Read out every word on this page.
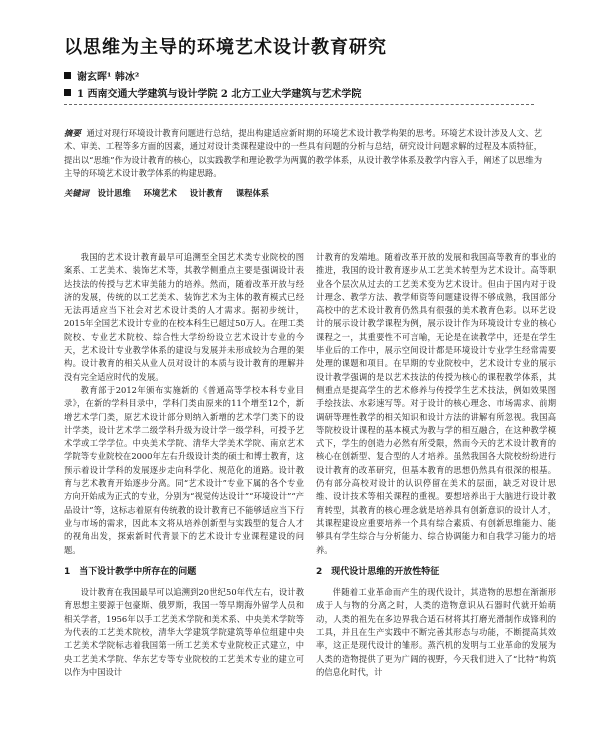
以思维为主导的环境艺术设计教育研究
谢玄晖¹ 韩冰²
1 西南交通大学建筑与设计学院 2 北方工业大学建筑与艺术学院
摘要 通过对现行环境设计教育问题进行总结，提出构建适应新时期的环境艺术设计教学构架的思考。环境艺术设计涉及人文、艺术、审美、工程等多方面的因素，通过对设计类课程建设中的一些具有问题的分析与总结，研究设计问题求解的过程及本质特征，提出以“思维”作为设计教育的核心，以实践教学和理论教学为两翼的教学体系，从设计教学体系及教学内容入手，阐述了以思维为主导的环境艺术设计教学体系的构建思路。
关键词 设计思维 环境艺术 设计教育 课程体系

我国的艺术设计教育最早可追溯至全国艺术类专业院校的图案系、工艺美术、装饰艺术等，其教学侧重点主要是强调设计表达技法的传授与艺术审美能力的培养。然而，随着改革开放与经济的发展，传统的以工艺美术、装饰艺术为主体的教育模式已经无法再适应当下社会对艺术设计类的人才需求。据初步统计，2015年全国艺术设计专业的在校本科生已超过50万人。在理工类院校、专业艺术院校、综合性大学纷纷设立艺术设计专业的今天，艺术设计专业教学体系的建设与发展并未形成较为合理的架构。设计教育的相关从业人员对设计的本质与设计教育的理解并没有完全适应时代的发展。

教育部于2012年颁布实施新的《普通高等学校本科专业目录》，在新的学科目录中，学科门类由原来的11个增至12个，新增艺术学门类，原艺术设计部分则纳入新增的艺术学门类下的设计学类，设计艺术学二级学科升级为设计学一级学科，可授予艺术学或工学学位。中央美术学院、清华大学美术学院、南京艺术学院等专业院校在2000年左右升级设计类的硕士和博士教育，这预示着设计学科的发展逐步走向科学化、规范化的道路。设计教育与艺术教育开始逐步分离。同“艺术设计”专业下属的各个专业方向开始成为正式的专业，分别为“视觉传达设计”“环境设计”“产品设计”等，这标志着原有传统教的设计教育已不能够适应当下行业与市场的需求，因此本文将从培养创新型与实践型的复合人才的视角出发，探索新时代背景下的艺术设计专业课程建设的问题。

1　当下设计教学中所存在的问题

设计教育在我国最早可以追溯到20世纪50年代左右，设计教育思想主要源于包豪斯、俄罗斯，我国一等早期海外留学人员和相关学者，1956年以手工艺美术学院和美术系、中央美术学院等为代表的工艺美术院校，清华大学建筑学院建筑等单位组建中央工艺美术学院标志着我国第一所工艺美术专业院校正式建立，中央工艺美术学院、华东艺专等专业院校的工艺美术专业的建立可以作为中国设计

计教育的发端地。随着改革开放的发展和我国高等教育的事业的推进，我国的设计教育逐步从工艺美术转型为艺术设计。高等职业各个层次从过去的工艺美术变为艺术设计。但由于国内对于设计理念、教学方法、教学师资等问题建设得不够成熟，我国部分高校中的艺术设计教育仍然具有很强的美术教育色彩。以环艺设计的展示设计教学课程为例，展示设计作为环境设计专业的核心课程之一，其重要性不可言喻，无论是在读教学中，还是在学生毕业后的工作中，展示空间设计都是环境设计专业学生经常需要处理的课题和项目。在早期的专业院校中，艺术设计专业的展示设计教学强调的是以艺术技法的传授为核心的课程教学体系，其侧重点是提高学生的艺术修养与传授学生艺术技法，例如效果图手绘技法、水彩速写等。对于设计的核心理念、市场需求、前期调研等理性教学的相关知识和设计方法的讲解有所忽视。我国高等院校设计课程的基本模式为教与学的相互融合，在这种教学模式下，学生的创造力必然有所受限，然而今天的艺术设计教育的核心在创新型、复合型的人才培养。虽然我国各大院校纷纷进行设计教育的改革研究，但基本教育的思想仍然具有很深的根基。仍有部分高校对设计的认识停留在美术的层面，缺乏对设计思维、设计技术等相关课程的重视。要想培养出于大脑进行设计教育转型，其教育的核心理念就是培养具有创新意识的设计人才，其课程建设应重要培养一个具有综合素质、有创新思维能力、能够具有学生综合与分析能力、综合协调能力和自我学习能力的培养。

2　现代设计思维的开放性特征

伴随着工业革命而产生的现代设计，其造物的思想在渐渐形成于人与物的分离之时，人类的造物意识从石器时代就开始萌动，人类的祖先在多边界我合适石材将其打磨光滑制作成锋利的工具，并且在生产实践中不断完善其形态与功能，不断提高其效率，这正是现代设计的雏形。蒸汽机的发明与工业革命的发展为人类的造物提供了更为广阔的视野，今天我们进入了“比特”构筑的信息化时代，计
